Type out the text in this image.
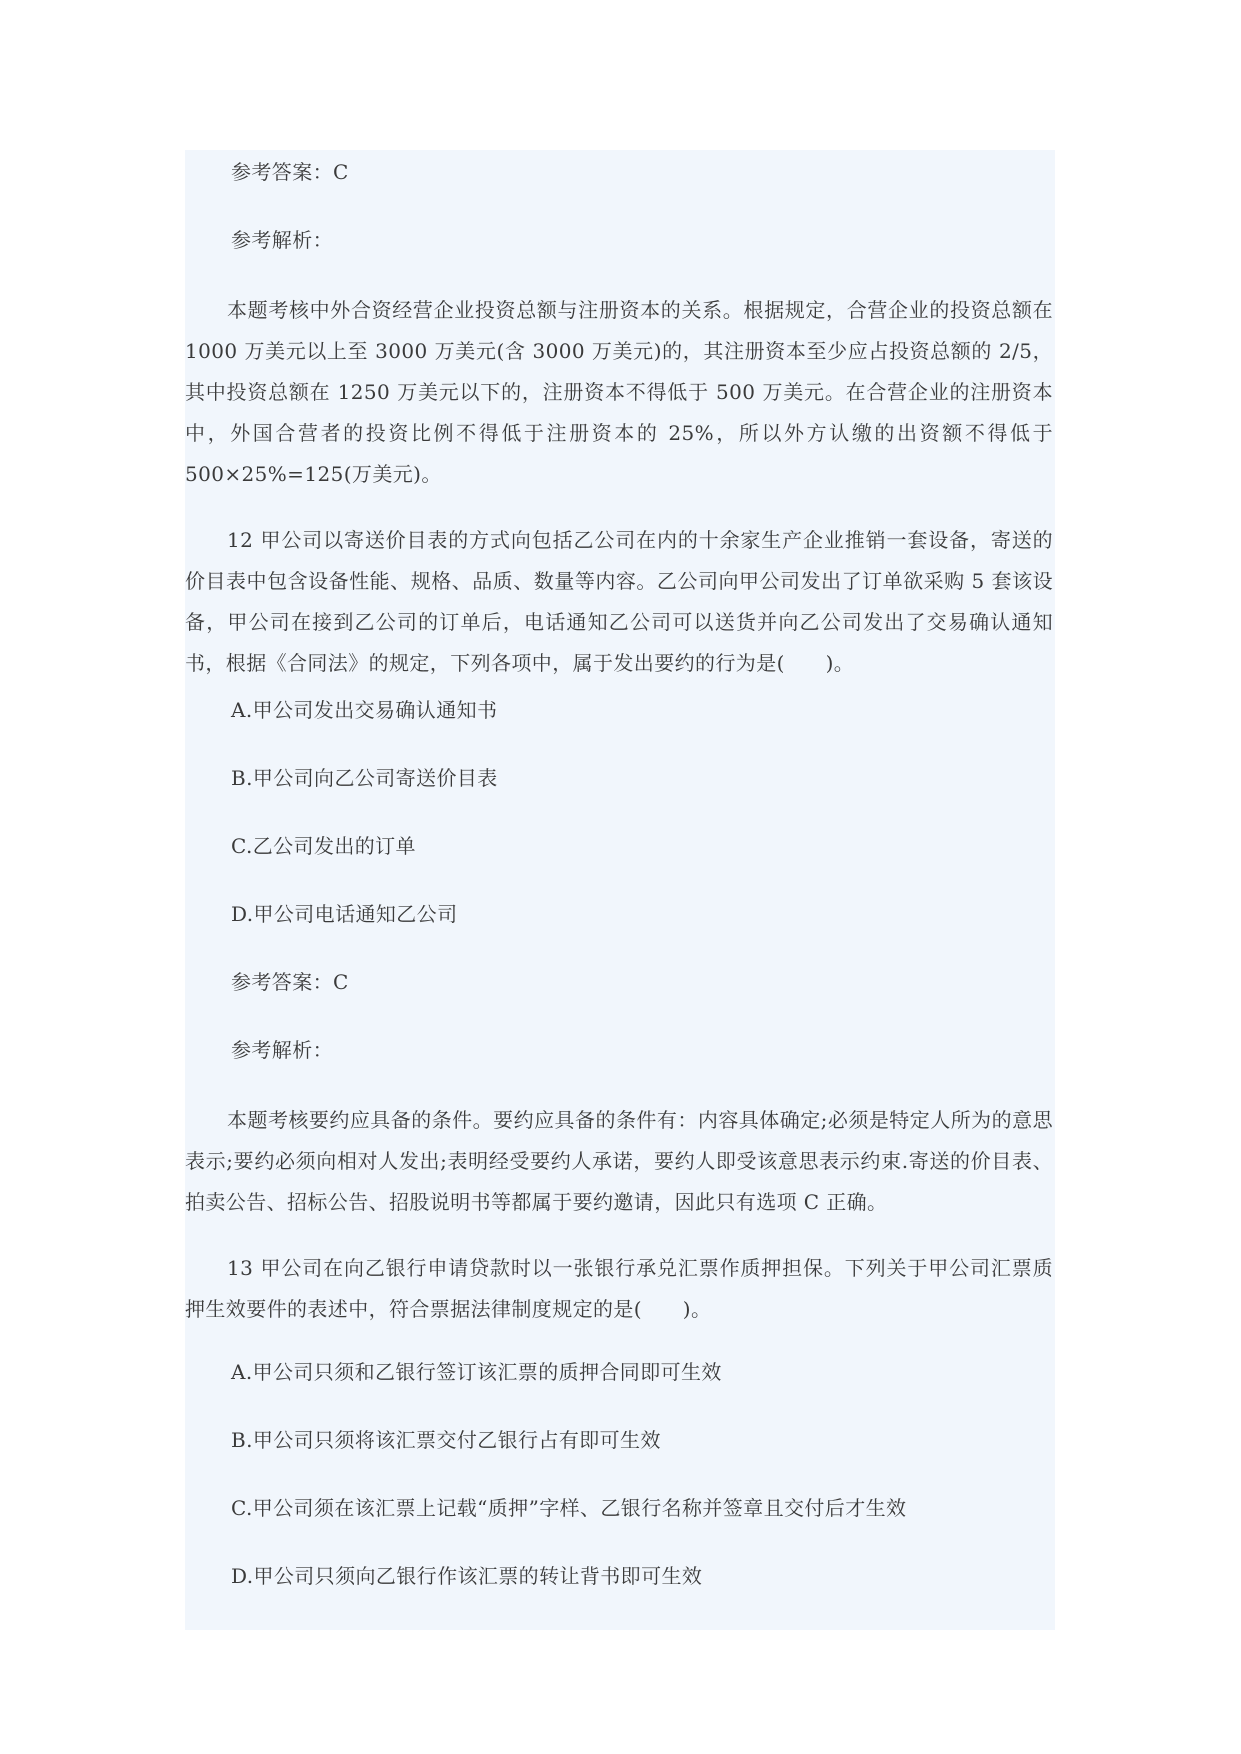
参考答案：C

参考解析：

本题考核中外合资经营企业投资总额与注册资本的关系。根据规定，合营企业的投资总额在 1000 万美元以上至 3000 万美元(含 3000 万美元)的，其注册资本至少应占投资总额的 2/5，其中投资总额在 1250 万美元以下的，注册资本不得低于 500 万美元。在合营企业的注册资本中，外国合营者的投资比例不得低于注册资本的 25%，所以外方认缴的出资额不得低于 500×25%=125(万美元)。

12 甲公司以寄送价目表的方式向包括乙公司在内的十余家生产企业推销一套设备，寄送的价目表中包含设备性能、规格、品质、数量等内容。乙公司向甲公司发出了订单欲采购 5 套该设备，甲公司在接到乙公司的订单后，电话通知乙公司可以送货并向乙公司发出了交易确认通知书，根据《合同法》的规定，下列各项中，属于发出要约的行为是(　　)。

A.甲公司发出交易确认通知书

B.甲公司向乙公司寄送价目表

C.乙公司发出的订单

D.甲公司电话通知乙公司

参考答案：C

参考解析：

本题考核要约应具备的条件。要约应具备的条件有：内容具体确定;必须是特定人所为的意思表示;要约必须向相对人发出;表明经受要约人承诺，要约人即受该意思表示约束.寄送的价目表、拍卖公告、招标公告、招股说明书等都属于要约邀请，因此只有选项 C 正确。

13 甲公司在向乙银行申请贷款时以一张银行承兑汇票作质押担保。下列关于甲公司汇票质押生效要件的表述中，符合票据法律制度规定的是(　　)。

A.甲公司只须和乙银行签订该汇票的质押合同即可生效

B.甲公司只须将该汇票交付乙银行占有即可生效

C.甲公司须在该汇票上记载“质押”字样、乙银行名称并签章且交付后才生效

D.甲公司只须向乙银行作该汇票的转让背书即可生效
